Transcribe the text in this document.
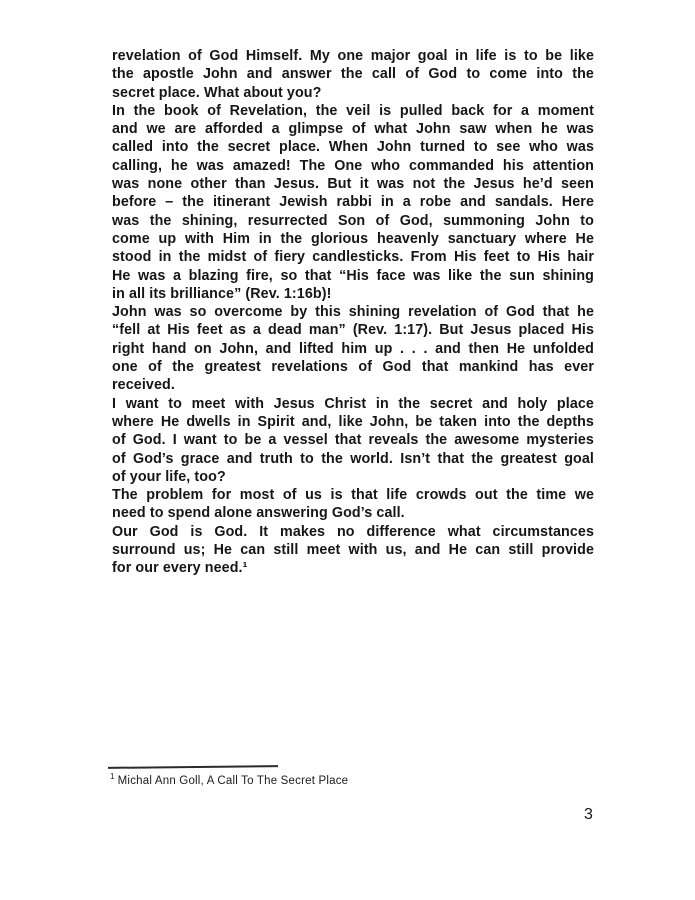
revelation of God Himself. My one major goal in life is to be like
the apostle John and answer the call of God to come into the
secret place. What about you?
In the book of Revelation, the veil is pulled back for a moment
and we are afforded a glimpse of what John saw when he was
called into the secret place. When John turned to see who was
calling, he was amazed! The One who commanded his attention
was none other than Jesus. But it was not the Jesus he’d seen
before – the itinerant Jewish rabbi in a robe and sandals. Here
was the shining, resurrected Son of God, summoning John to
come up with Him in the glorious heavenly sanctuary where He
stood in the midst of fiery candlesticks. From His feet to His hair
He was a blazing fire, so that “His face was like the sun shining
in all its brilliance” (Rev. 1:16b)!
John was so overcome by this shining revelation of God that he
“fell at His feet as a dead man” (Rev. 1:17). But Jesus placed His
right hand on John, and lifted him up . . . and then He unfolded
one of the greatest revelations of God that mankind has ever
received.
I want to meet with Jesus Christ in the secret and holy place
where He dwells in Spirit and, like John, be taken into the depths
of God. I want to be a vessel that reveals the awesome mysteries
of God’s grace and truth to the world. Isn’t that the greatest goal
of your life, too?
The problem for most of us is that life crowds out the time we
need to spend alone answering God’s call.
Our God is God. It makes no difference what circumstances
surround us; He can still meet with us, and He can still provide
for our every need.¹
$^1$ Michal Ann Goll, A Call To The Secret Place
3
